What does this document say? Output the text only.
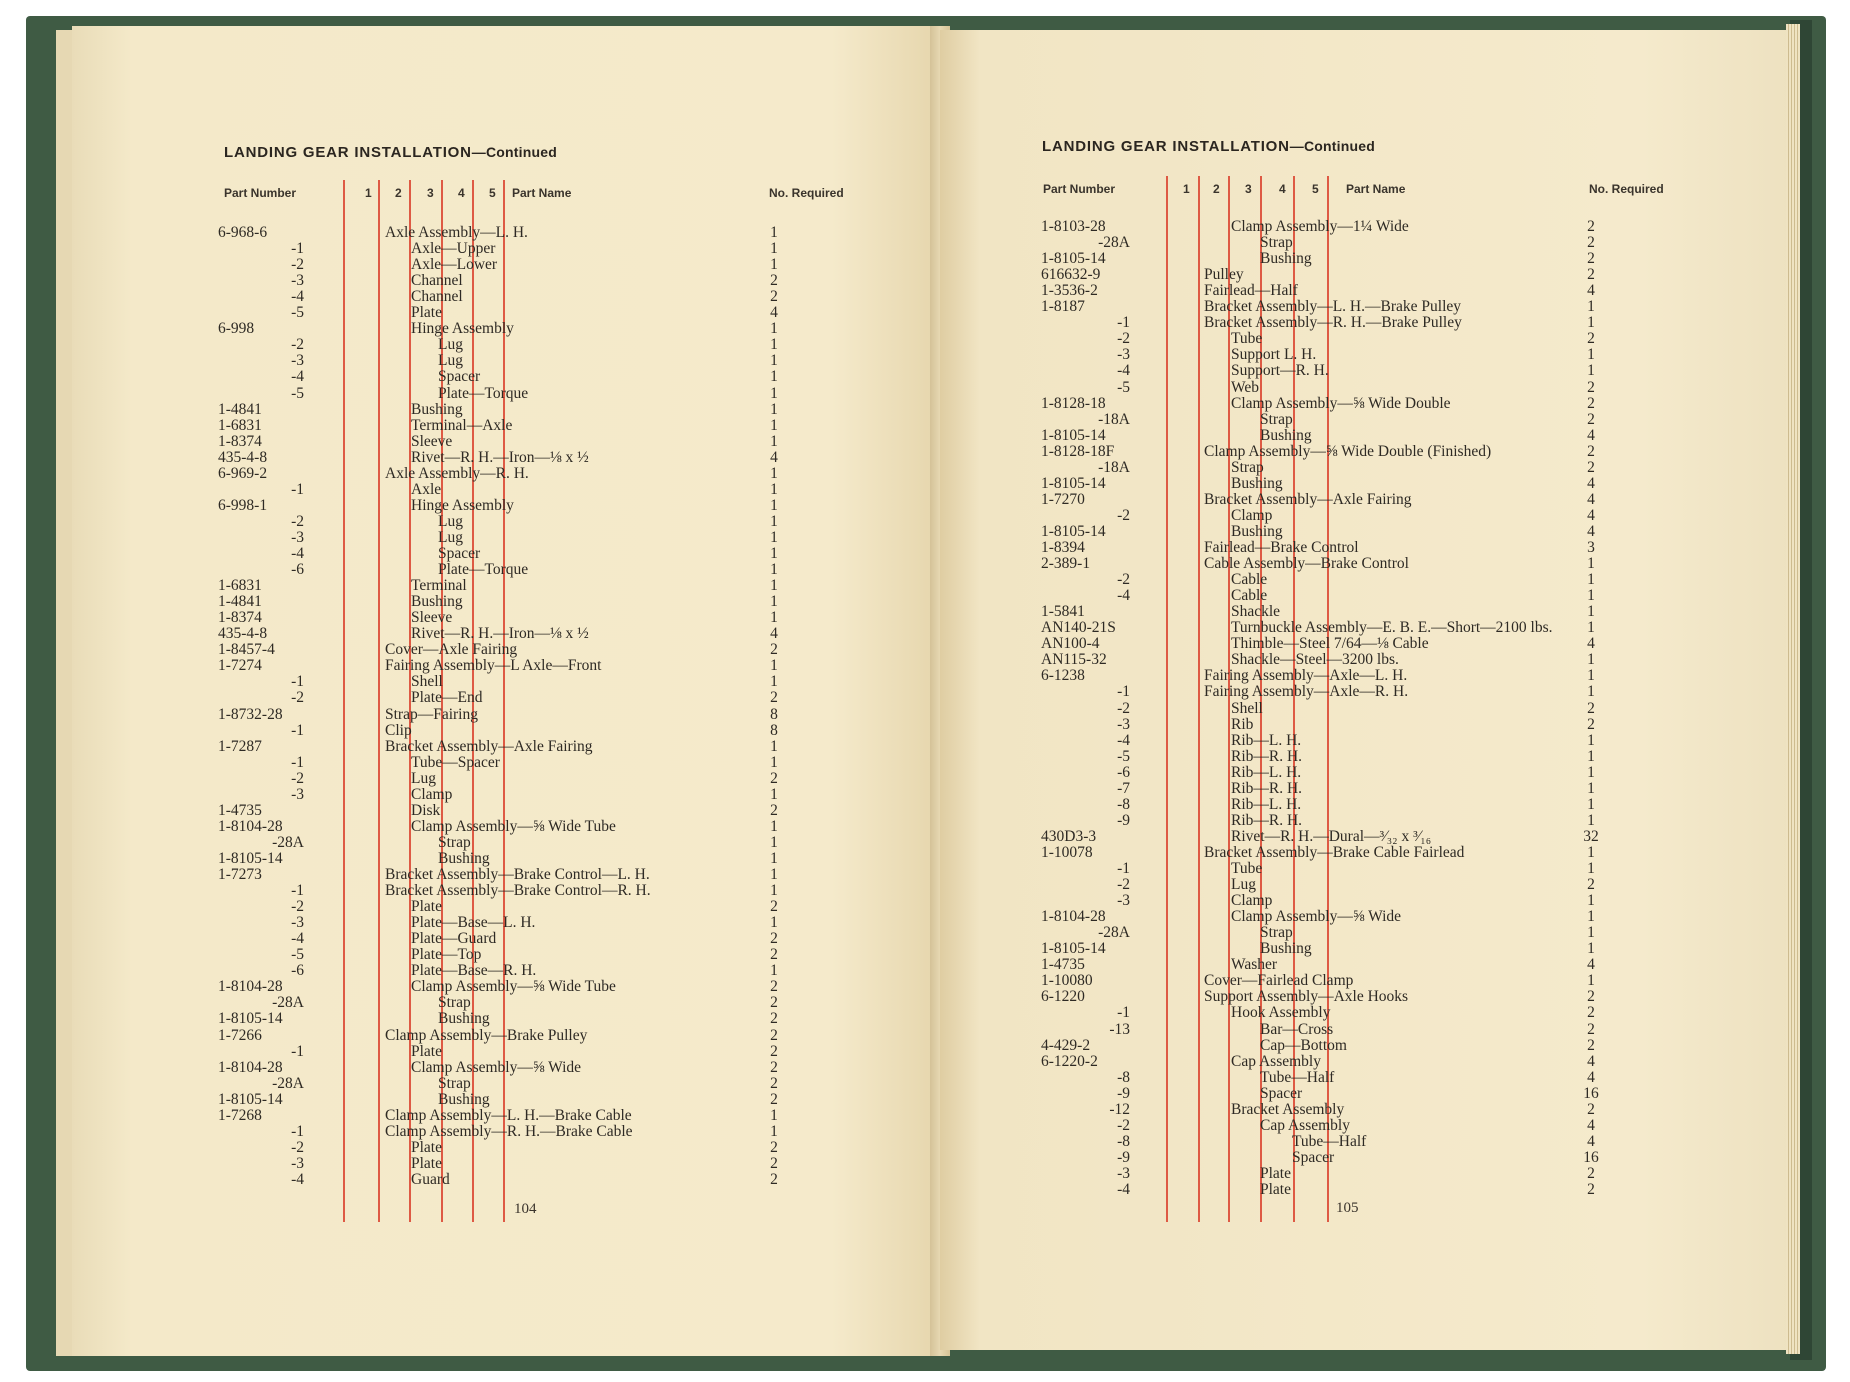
LANDING GEAR INSTALLATION—Continued
Part Number	1 2 3 4 5 Part Name	No. Required
6-968-6	Axle Assembly—L. H.	1
-1	Axle—Upper	1
-2	Axle—Lower	1
-3	Channel	2
-4	Channel	2
-5	Plate	4
6-998	Hinge Assembly	1
-2	Lug	1
-3	Lug	1
-4	Spacer	1
-5	Plate—Torque	1
1-4841	Bushing	1
1-6831	Terminal—Axle	1
1-8374	Sleeve	1
435-4-8	Rivet—R. H.—Iron—⅛ x ½	4
6-969-2	Axle Assembly—R. H.	1
-1	Axle	1
6-998-1	Hinge Assembly	1
-2	Lug	1
-3	Lug	1
-4	Spacer	1
-6	Plate—Torque	1
1-6831	Terminal	1
1-4841	Bushing	1
1-8374	Sleeve	1
435-4-8	Rivet—R. H.—Iron—⅛ x ½	4
1-8457-4	Cover—Axle Fairing	2
1-7274	Fairing Assembly—L Axle—Front	1
-1	Shell	1
-2	Plate—End	2
1-8732-28	Strap—Fairing	8
-1	Clip	8
1-7287	Bracket Assembly—Axle Fairing	1
-1	Tube—Spacer	1
-2	Lug	2
-3	Clamp	1
1-4735	Disk	2
1-8104-28	Clamp Assembly—⅝ Wide Tube	1
-28A	Strap	1
1-8105-14	Bushing	1
1-7273	Bracket Assembly—Brake Control—L. H.	1
-1	Bracket Assembly—Brake Control—R. H.	1
-2	Plate	2
-3	Plate—Base—L. H.	1
-4	Plate—Guard	2
-5	Plate—Top	2
-6	Plate—Base—R. H.	1
1-8104-28	Clamp Assembly—⅝ Wide Tube	2
-28A	Strap	2
1-8105-14	Bushing	2
1-7266	Clamp Assembly—Brake Pulley	2
-1	Plate	2
1-8104-28	Clamp Assembly—⅝ Wide	2
-28A	Strap	2
1-8105-14	Bushing	2
1-7268	Clamp Assembly—L. H.—Brake Cable	1
-1	Clamp Assembly—R. H.—Brake Cable	1
-2	Plate	2
-3	Plate	2
-4	Guard	2
104
LANDING GEAR INSTALLATION—Continued
Part Number	1 2 3 4 5 Part Name	No. Required
1-8103-28	Clamp Assembly—1¼ Wide	2
-28A	Strap	2
1-8105-14	Bushing	2
616632-9	Pulley	2
1-3536-2	Fairlead—Half	4
1-8187	Bracket Assembly—L. H.—Brake Pulley	1
-1	Bracket Assembly—R. H.—Brake Pulley	1
-2	Tube	2
-3	Support L. H.	1
-4	Support—R. H.	1
-5	Web	2
1-8128-18	Clamp Assembly—⅝ Wide Double	2
-18A	Strap	2
1-8105-14	Bushing	4
1-8128-18F	Clamp Assembly—⅝ Wide Double (Finished)	2
-18A	Strap	2
1-8105-14	Bushing	4
1-7270	Bracket Assembly—Axle Fairing	4
-2	Clamp	4
1-8105-14	Bushing	4
1-8394	Fairlead—Brake Control	3
2-389-1	Cable Assembly—Brake Control	1
-2	Cable	1
-4	Cable	1
1-5841	Shackle	1
AN140-21S	Turnbuckle Assembly—E. B. E.—Short—2100 lbs.	1
AN100-4	Thimble—Steel 7/64—⅛ Cable	4
AN115-32	Shackle—Steel—3200 lbs.	1
6-1238	Fairing Assembly—Axle—L. H.	1
-1	Fairing Assembly—Axle—R. H.	1
-2	Shell	2
-3	Rib	2
-4	Rib—L. H.	1
-5	Rib—R. H.	1
-6	Rib—L. H.	1
-7	Rib—R. H.	1
-8	Rib—L. H.	1
-9	Rib—R. H.	1
430D3-3	Rivet—R. H.—Dural—³⁄₃₂ x ³⁄₁₆	32
1-10078	Bracket Assembly—Brake Cable Fairlead	1
-1	Tube	1
-2	Lug	2
-3	Clamp	1
1-8104-28	Clamp Assembly—⅝ Wide	1
-28A	Strap	1
1-8105-14	Bushing	1
1-4735	Washer	4
1-10080	Cover—Fairlead Clamp	1
6-1220	Support Assembly—Axle Hooks	2
-1	Hook Assembly	2
-13	Bar—Cross	2
4-429-2	Cap—Bottom	2
6-1220-2	Cap Assembly	4
-8	Tube—Half	4
-9	Spacer	16
-12	Bracket Assembly	2
-2	Cap Assembly	4
-8	Tube—Half	4
-9	Spacer	16
-3	Plate	2
-4	Plate	2
105
